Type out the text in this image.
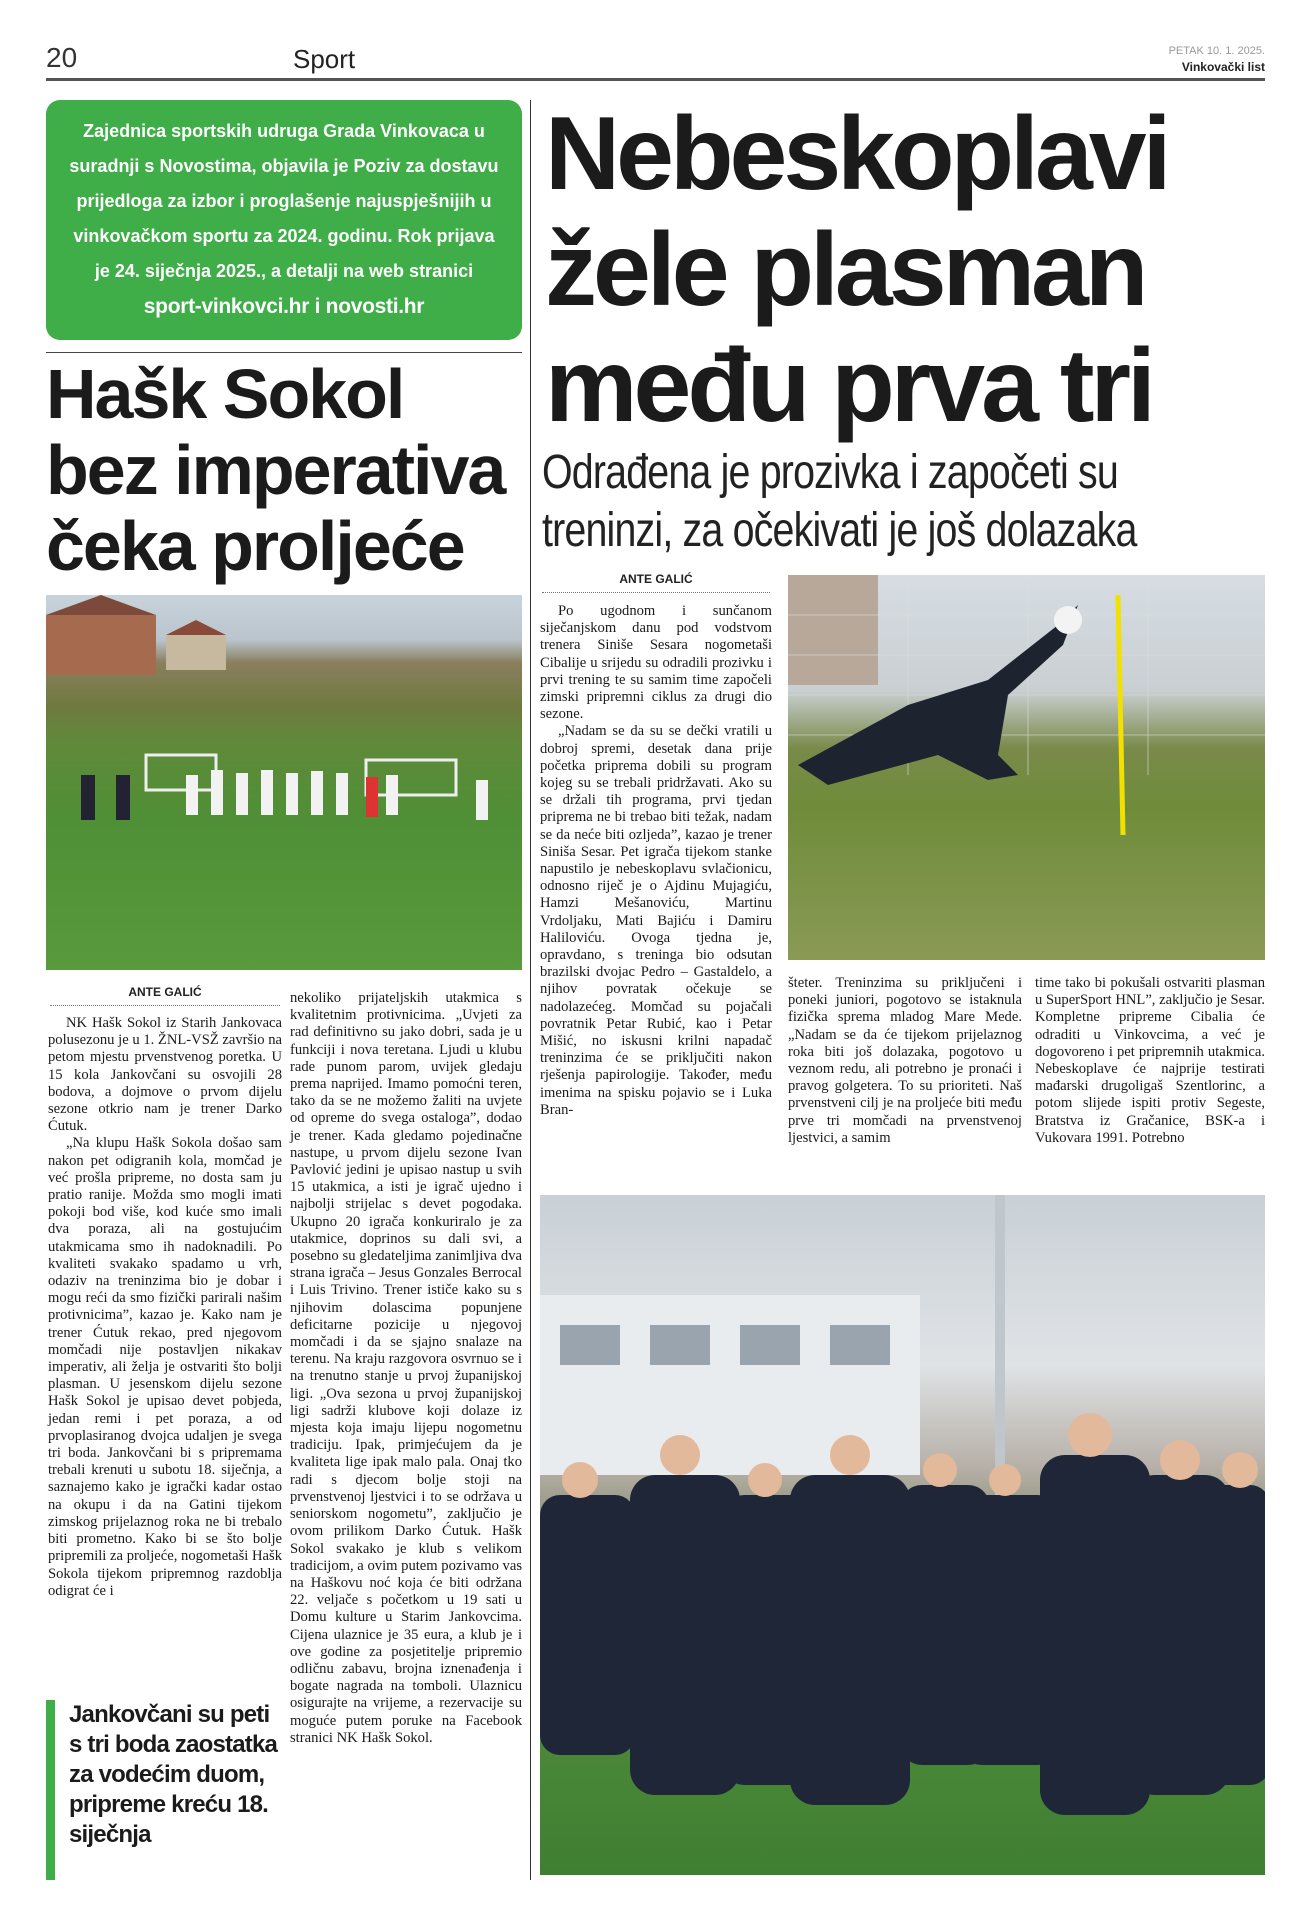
20	Sport	PETAK 10. 1. 2025.
Vinkovački list
Zajednica sportskih udruga Grada Vinkovaca u suradnji s Novostima, objavila je Poziv za dostavu prijedloga za izbor i proglašenje najuspješnijih u vinkovačkom sportu za 2024. godinu. Rok prijava je 24. siječnja 2025., a detalji na web stranici
sport-vinkovci.hr i novosti.hr
Hašk Sokol bez imperativa čeka proljeće
ANTE GALIĆ

NK Hašk Sokol iz Starih Jankovaca polusezonu je u 1. ŽNL-VSŽ završio na petom mjestu prvenstvenog poretka. U 15 kola Jankovčani su osvojili 28 bodova, a dojmove o prvom dijelu sezone otkrio nam je trener Darko Ćutuk.

„Na klupu Hašk Sokola došao sam nakon pet odigranih kola, momčad je već prošla pripreme, no dosta sam ju pratio ranije. Možda smo mogli imati pokoji bod više, kod kuće smo imali dva poraza, ali na gostujućim utakmicama smo ih nadoknadili. Po kvaliteti svakako spadamo u vrh, odaziv na treninzima bio je dobar i mogu reći da smo fizički parirali našim protivnicima”, kazao je. Kako nam je trener Ćutuk rekao, pred njegovom momčadi nije postavljen nikakav imperativ, ali želja je ostvariti što bolji plasman. U jesenskom dijelu sezone Hašk Sokol je upisao devet pobjeda, jedan remi i pet poraza, a od prvoplasiranog dvojca udaljen je svega tri boda. Jankovčani bi s pripremama trebali krenuti u subotu 18. siječnja, a saznajemo kako je igrački kadar ostao na okupu i da na Gatini tijekom zimskog prijelaznog roka ne bi trebalo biti prometno. Kako bi se što bolje pripremili za proljeće, nogometaši Hašk Sokola tijekom pripremnog razdoblja odigrat će i

nekoliko prijateljskih utakmica s kvalitetnim protivnicima. „Uvjeti za rad definitivno su jako dobri, sada je u funkciji i nova teretana. Ljudi u klubu rade punom parom, uvijek gledaju prema naprijed. Imamo pomoćni teren, tako da se ne možemo žaliti na uvjete od opreme do svega ostaloga”, dodao je trener. Kada gledamo pojedinačne nastupe, u prvom dijelu sezone Ivan Pavlović jedini je upisao nastup u svih 15 utakmica, a isti je igrač ujedno i najbolji strijelac s devet pogodaka. Ukupno 20 igrača konkuriralo je za utakmice, doprinos su dali svi, a posebno su gledateljima zanimljiva dva strana igrača – Jesus Gonzales Berrocal i Luis Trivino. Trener ističe kako su s njihovim dolascima popunjene deficitarne pozicije u njegovoj momčadi i da se sjajno snalaze na terenu. Na kraju razgovora osvrnuo se i na trenutno stanje u prvoj županijskoj ligi. „Ova sezona u prvoj županijskoj ligi sadrži klubove koji dolaze iz mjesta koja imaju lijepu nogometnu tradiciju. Ipak, primjećujem da je kvaliteta lige ipak malo pala. Onaj tko radi s djecom bolje stoji na prvenstvenoj ljestvici i to se održava u seniorskom nogometu”, zaključio je ovom prilikom Darko Ćutuk. Hašk Sokol svakako je klub s velikom tradicijom, a ovim putem pozivamo vas na Haškovu noć koja će biti održana 22. veljače s početkom u 19 sati u Domu kulture u Starim Jankovcima. Cijena ulaznice je 35 eura, a klub je i ove godine za posjetitelje pripremio odličnu zabavu, brojna iznenađenja i bogate nagrada na tomboli. Ulaznicu osigurajte na vrijeme, a rezervacije su moguće putem poruke na Facebook stranici NK Hašk Sokol.

Jankovčani su peti s tri boda zaostatka za vodećim duom, pripreme kreću 18. siječnja
Nebeskoplavi žele plasman među prva tri
Odrađena je prozivka i započeti su
treninzi, za očekivati je još dolazaka
ANTE GALIĆ

Po ugodnom i sunčanom siječanjskom danu pod vodstvom trenera Siniše Sesara nogometaši Cibalije u srijedu su odradili prozivku i prvi trening te su samim time započeli zimski pripremni ciklus za drugi dio sezone.

„Nadam se da su se dečki vratili u dobroj spremi, desetak dana prije početka priprema dobili su program kojeg su se trebali pridržavati. Ako su se držali tih programa, prvi tjedan priprema ne bi trebao biti težak, nadam se da neće biti ozljeda”, kazao je trener Siniša Sesar. Pet igrača tijekom stanke napustilo je nebeskoplavu svlačionicu, odnosno riječ je o Ajdinu Mujagiću, Hamzi Mešanoviću, Martinu Vrdoljaku, Mati Bajiću i Damiru Haliloviću. Ovoga tjedna je, opravdano, s treninga bio odsutan brazilski dvojac Pedro – Gastaldelo, a njihov povratak očekuje se nadolazećeg. Momčad su pojačali povratnik Petar Rubić, kao i Petar Mišić, no iskusni krilni napadač treninzima će se priključiti nakon rješenja papirologije. Također, među imenima na spisku pojavio se i Luka Bran-

šteter. Treninzima su priključeni i poneki juniori, pogotovo se istaknula fizička sprema mladog Mare Mede. „Nadam se da će tijekom prijelaznog roka biti još dolazaka, pogotovo u veznom redu, ali potrebno je pronaći i pravog golgetera. To su prioriteti. Naš prvenstveni cilj je na proljeće biti među prve tri momčadi na prvenstvenoj ljestvici, a samim

time tako bi pokušali ostvariti plasman u SuperSport HNL”, zaključio je Sesar. Kompletne pripreme Cibalia će odraditi u Vinkovcima, a već je dogovoreno i pet pripremnih utakmica. Nebeskoplave će najprije testirati mađarski drugoligaš Szentlorinc, a potom slijede ispiti protiv Segeste, Bratstva iz Gračanice, BSK-a i Vukovara 1991. Potrebno
